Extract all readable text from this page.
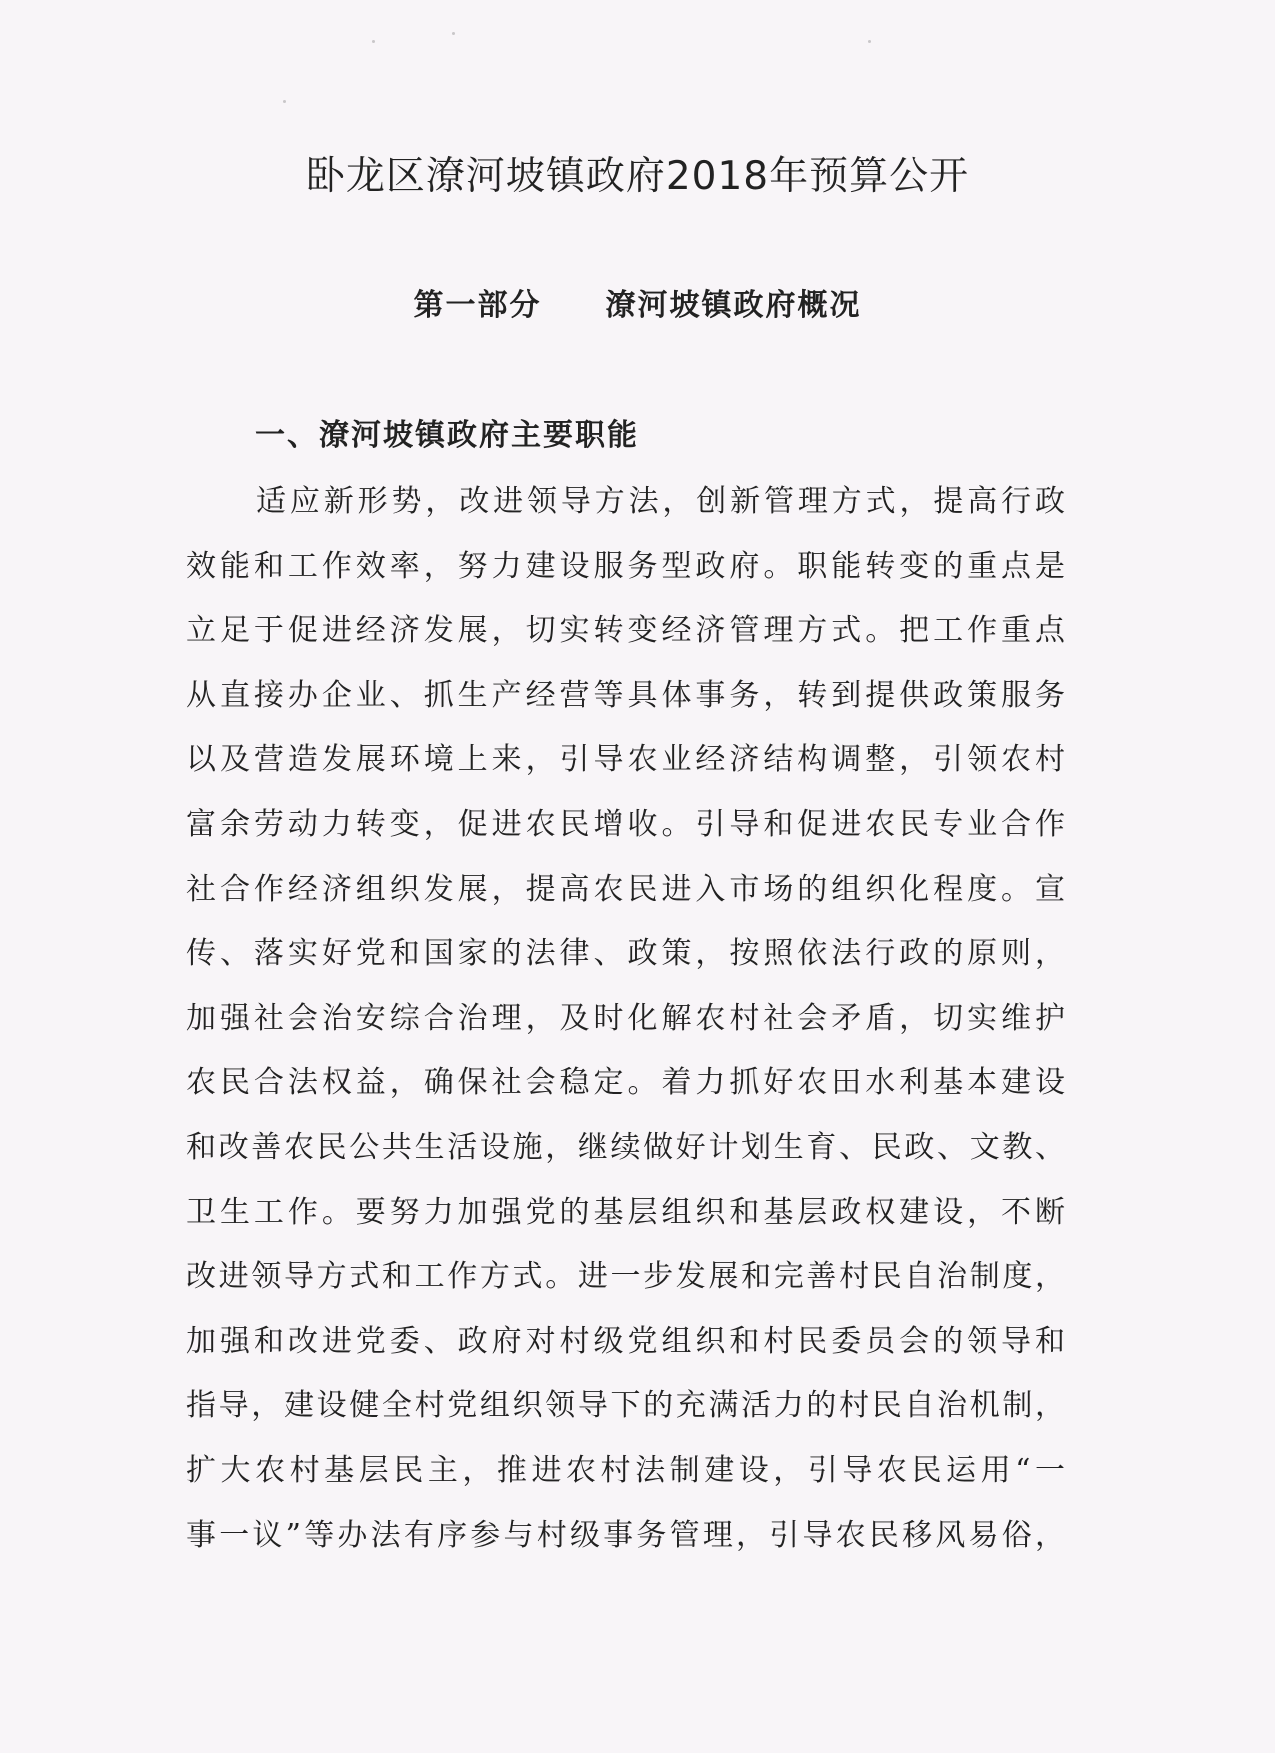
卧龙区潦河坡镇政府2018年预算公开
第一部分 潦河坡镇政府概况
一、潦河坡镇政府主要职能
适应新形势，改进领导方法，创新管理方式，提高行政
效能和工作效率，努力建设服务型政府。职能转变的重点是
立足于促进经济发展，切实转变经济管理方式。把工作重点
从直接办企业、抓生产经营等具体事务，转到提供政策服务
以及营造发展环境上来，引导农业经济结构调整，引领农村
富余劳动力转变，促进农民增收。引导和促进农民专业合作
社合作经济组织发展，提高农民进入市场的组织化程度。宣
传、落实好党和国家的法律、政策，按照依法行政的原则，
加强社会治安综合治理，及时化解农村社会矛盾，切实维护
农民合法权益，确保社会稳定。着力抓好农田水利基本建设
和改善农民公共生活设施，继续做好计划生育、民政、文教、
卫生工作。要努力加强党的基层组织和基层政权建设，不断
改进领导方式和工作方式。进一步发展和完善村民自治制度，
加强和改进党委、政府对村级党组织和村民委员会的领导和
指导，建设健全村党组织领导下的充满活力的村民自治机制，
扩大农村基层民主，推进农村法制建设，引导农民运用“一
事一议”等办法有序参与村级事务管理，引导农民移风易俗，
